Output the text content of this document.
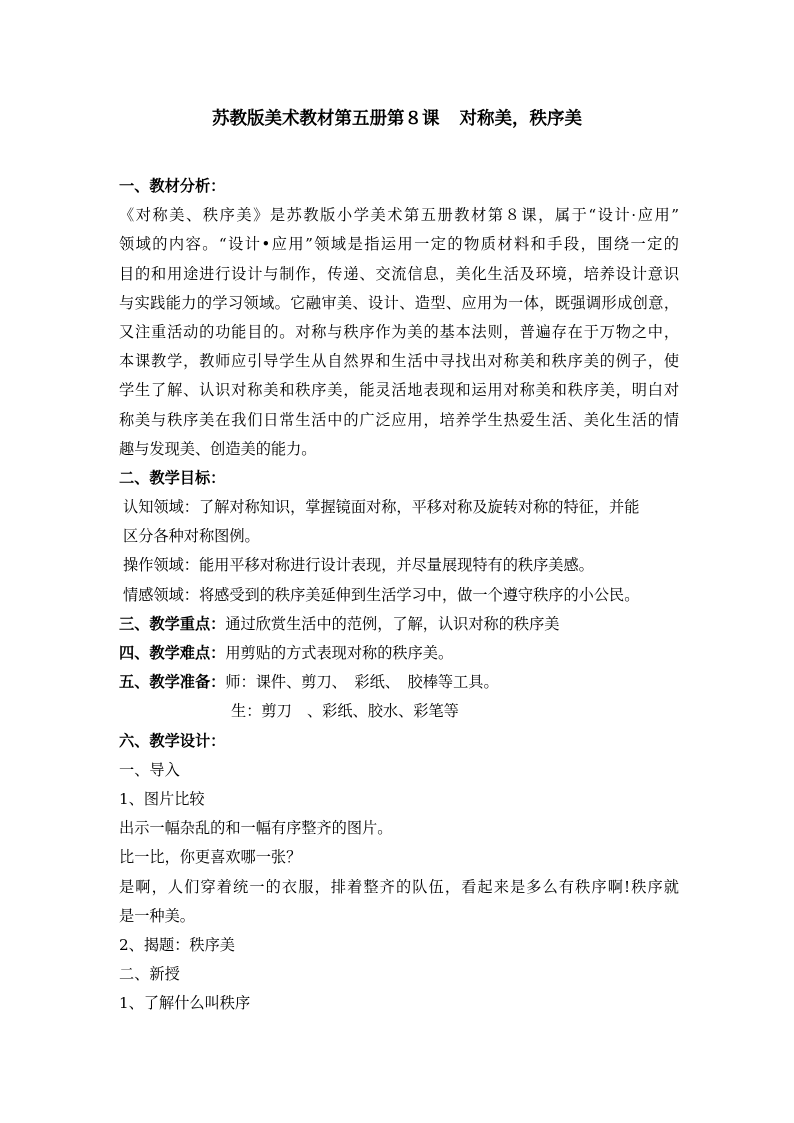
苏教版美术教材第五册第８课 对称美，秩序美
一、教材分析：
《对称美、秩序美》是苏教版小学美术第五册教材第８课，属于“设计·应用”
领域的内容。“设计•应用”领域是指运用一定的物质材料和手段，围绕一定的
目的和用途进行设计与制作，传递、交流信息，美化生活及环境，培养设计意识
与实践能力的学习领域。它融审美、设计、造型、应用为一体，既强调形成创意，
又注重活动的功能目的。对称与秩序作为美的基本法则，普遍存在于万物之中，
本课教学，教师应引导学生从自然界和生活中寻找出对称美和秩序美的例子，使
学生了解、认识对称美和秩序美，能灵活地表现和运用对称美和秩序美，明白对
称美与秩序美在我们日常生活中的广泛应用，培养学生热爱生活、美化生活的情
趣与发现美、创造美的能力。
二、教学目标：
认知领域：了解对称知识，掌握镜面对称，平移对称及旋转对称的特征，并能
区分各种对称图例。
操作领域：能用平移对称进行设计表现，并尽量展现特有的秩序美感。
情感领域：将感受到的秩序美延伸到生活学习中，做一个遵守秩序的小公民。
三、教学重点：通过欣赏生活中的范例，了解，认识对称的秩序美
四、教学难点：用剪贴的方式表现对称的秩序美。
五、教学准备：师：课件、剪刀、　彩纸、　胶棒等工具。
生：剪刀　、彩纸、胶水、彩笔等
六、教学设计：
一、导入
1、图片比较
出示一幅杂乱的和一幅有序整齐的图片。
比一比，你更喜欢哪一张？
是啊，人们穿着统一的衣服，排着整齐的队伍，看起来是多么有秩序啊!秩序就
是一种美。
2、揭题：秩序美
二、新授
1、了解什么叫秩序
